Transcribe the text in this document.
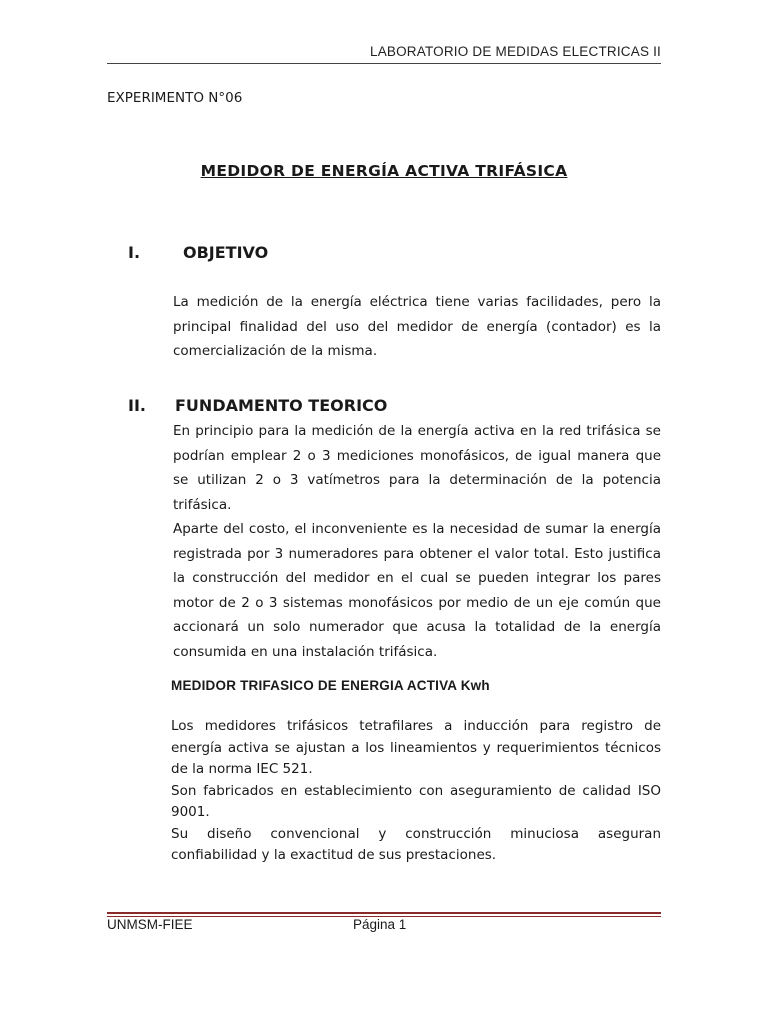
LABORATORIO DE MEDIDAS ELECTRICAS II
EXPERIMENTO N°06
MEDIDOR DE ENERGÍA ACTIVA TRIFÁSICA
I.	OBJETIVO

La medición de la energía eléctrica tiene varias facilidades, pero la principal finalidad del uso del medidor de energía (contador) es la comercialización de la misma.

II. FUNDAMENTO TEORICO

En principio para la medición de la energía activa en la red trifásica se podrían emplear 2 o 3 mediciones monofásicos, de igual manera que se utilizan 2 o 3 vatímetros para la determinación de la potencia trifásica.

Aparte del costo, el inconveniente es la necesidad de sumar la energía registrada por 3 numeradores para obtener el valor total. Esto justifica la construcción del medidor en el cual se pueden integrar los pares motor de 2 o 3 sistemas monofásicos por medio de un eje común que accionará un solo numerador que acusa la totalidad de la energía consumida en una instalación trifásica.

MEDIDOR TRIFASICO DE ENERGIA ACTIVA Kwh

Los medidores trifásicos tetrafilares a inducción para registro de energía activa se ajustan a los lineamientos y requerimientos técnicos de la norma IEC 521.

Son fabricados en establecimiento con aseguramiento de calidad ISO 9001.

Su diseño convencional y construcción minuciosa aseguran confiabilidad y la exactitud de sus prestaciones.

UNMSM-FIEE	Página 1
